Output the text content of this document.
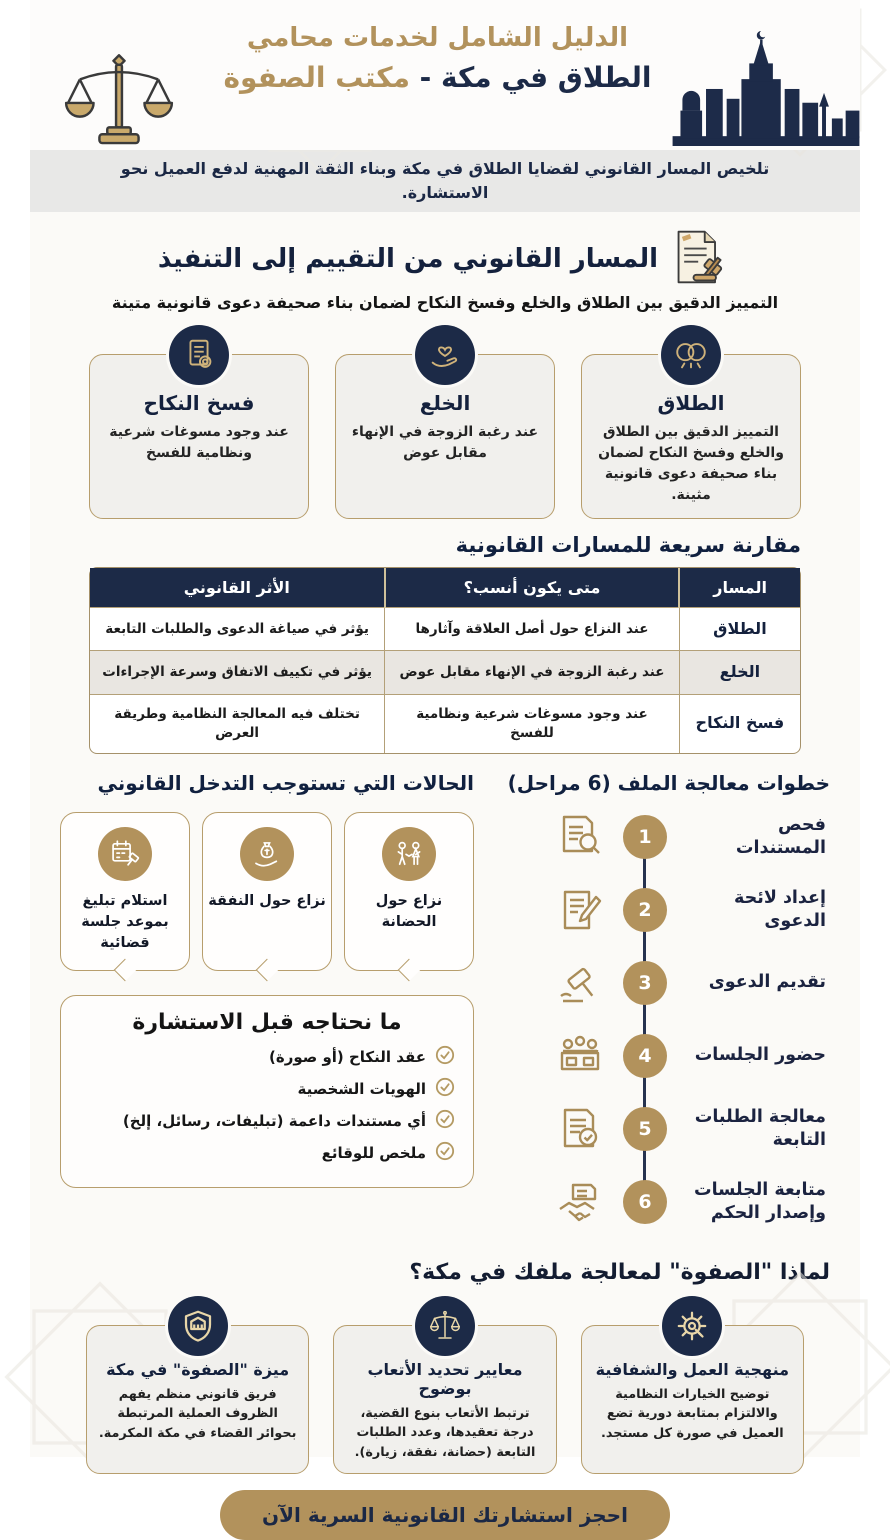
الدليل الشامل لخدمات محامي
الطلاق في مكة - مكتب الصفوة

تلخيص المسار القانوني لقضايا الطلاق في مكة وبناء الثقة المهنية لدفع العميل نحو الاستشارة.

المسار القانوني من التقييم إلى التنفيذ

التمييز الدقيق بين الطلاق والخلع وفسخ النكاح لضمان بناء صحيفة دعوى قانونية متينة

الطلاق

التمييز الدقيق بين الطلاق والخلع وفسخ النكاح لضمان بناء صحيفة دعوى قانونية مثينة.

الخلع

عند رغبة الزوجة في الإنهاء مقابل عوض

فسخ النكاح

عند وجود مسوغات شرعية ونظامية للفسخ

مقارنة سريعة للمسارات القانونية
المسار	متى يكون أنسب؟	الأثر القانوني
الطلاق	عند النزاع حول أصل العلاقة وآثارها	يؤثر في صياغة الدعوى والطلبات التابعة
الخلع	عند رغبة الزوجة في الإنهاء مقابل عوض	يؤثر في تكييف الاتفاق وسرعة الإجراءات
فسخ النكاح	عند وجود مسوغات شرعية ونظامية للفسخ	تختلف فيه المعالجة النظامية وطريقة العرض
خطوات معالجة الملف (6 مراحل)
فحص المستندات
1
إعداد لائحة الدعوى
2
تقديم الدعوى
3
حضور الجلسات
4
معالجة الطلبات التابعة
5
متابعة الجلسات وإصدار الحكم
6
الحالات التي تستوجب التدخل القانوني

نزاع حول الحضانة

نزاع حول النفقة

استلام تبليغ بموعد جلسة قضائية

ما نحتاجه قبل الاستشارة
عقد النكاح (أو صورة)
الهويات الشخصية
أي مستندات داعمة (تبليفات، رسائل، إلخ)
ملخص للوقائع
لماذا "الصفوة" لمعالجة ملفك في مكة؟
منهجية العمل والشفافية

توضيح الخيارات النظامية والالتزام بمتابعة دورية تضع العميل في صورة كل مستجد.

معايير تحديد الأتعاب بوضوح

ترتبط الأتعاب بنوع القضية، درجة تعقيدها، وعدد الطلبات التابعة (حضانة، نفقة، زيارة).

ميزة "الصفوة" في مكة

فريق قانوني منظم يفهم الظروف العملية المرتبطة بحوائر القضاء في مكة المكرمة.

احجز استشارتك القانونية السرية الآن
